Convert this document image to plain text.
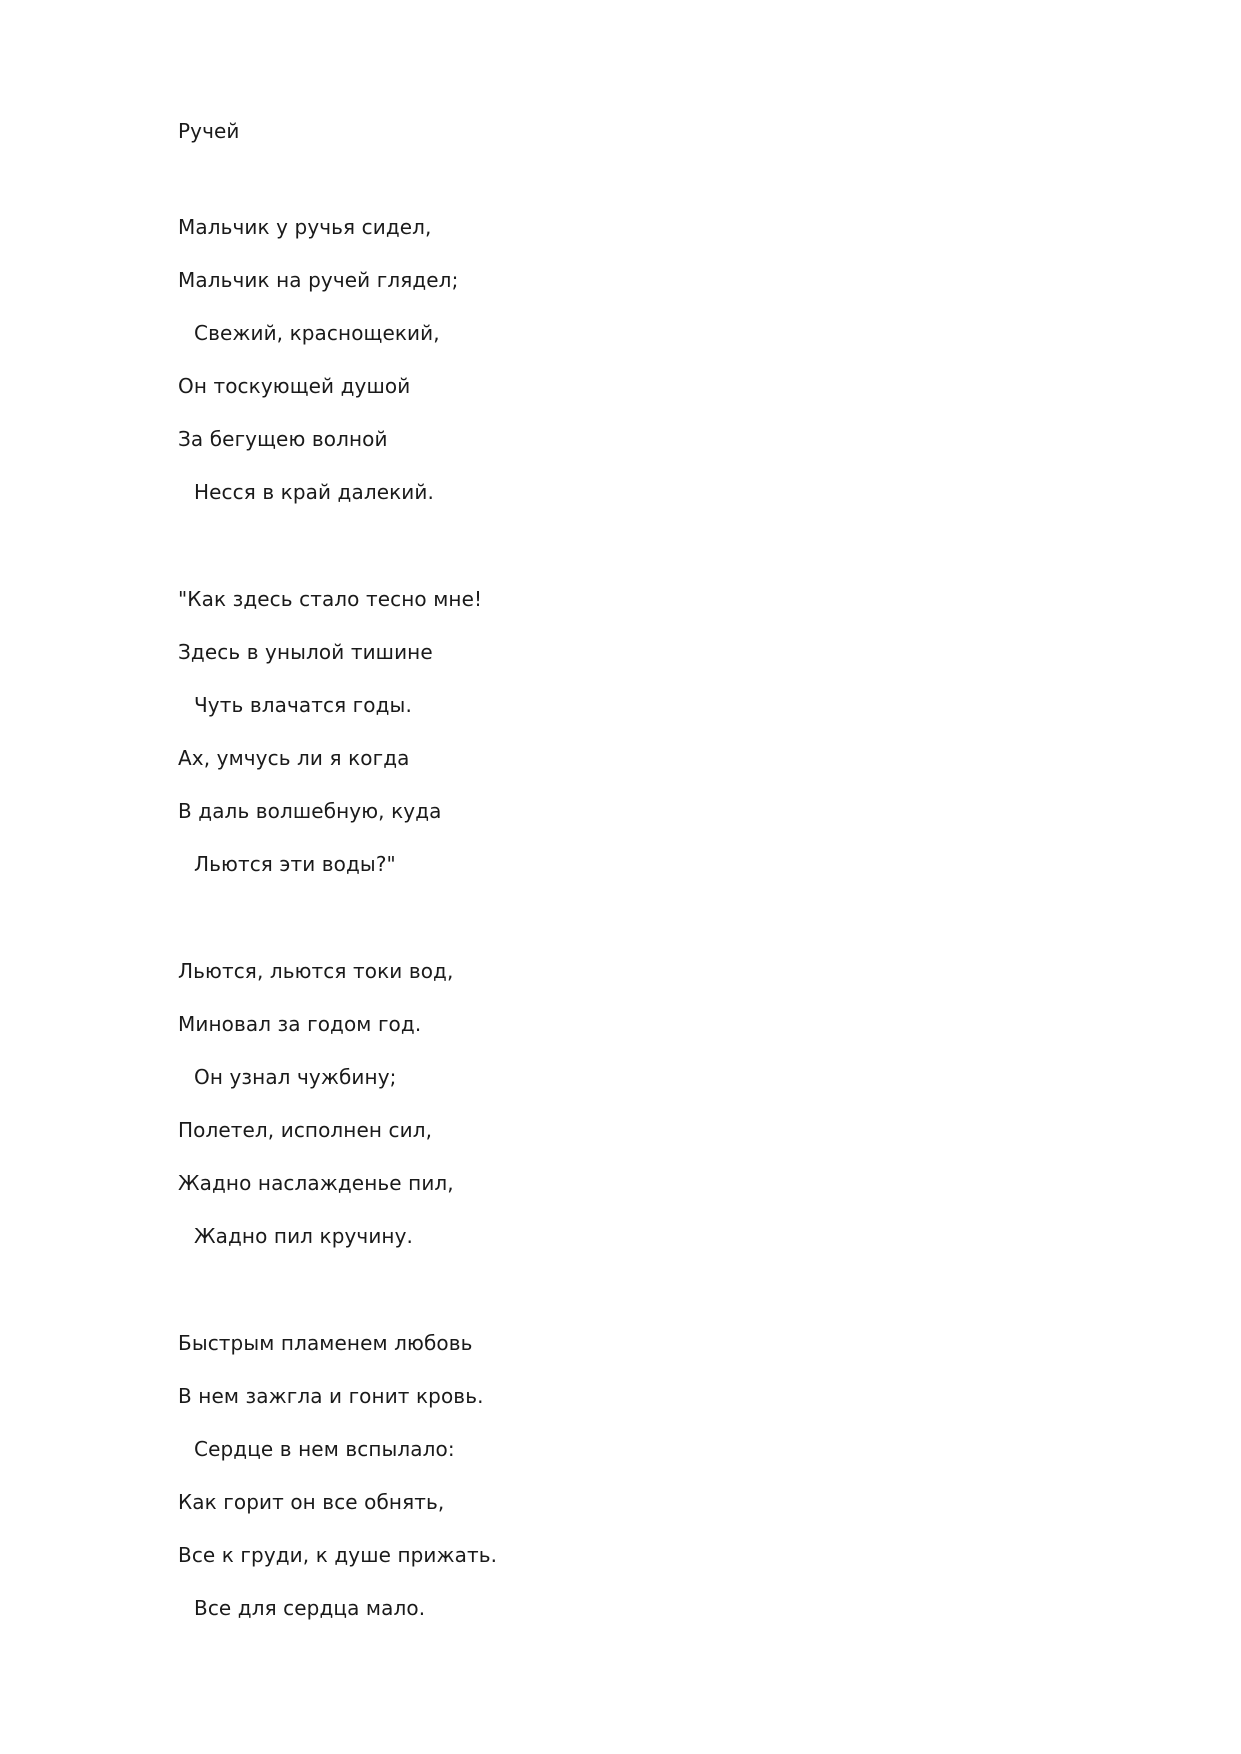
Ручей
Мальчик у ручья сидел,
Мальчик на ручей глядел;
Свежий, краснощекий,
Он тоскующей душой
За бегущею волной
Несся в край далекий.
"Как здесь стало тесно мне!
Здесь в унылой тишине
Чуть влачатся годы.
Ах, умчусь ли я когда
В даль волшебную, куда
Льются эти воды?"
Льются, льются токи вод,
Миновал за годом год.
Он узнал чужбину;
Полетел, исполнен сил,
Жадно наслажденье пил,
Жадно пил кручину.
Быстрым пламенем любовь
В нем зажгла и гонит кровь.
Сердце в нем вспылало:
Как горит он все обнять,
Все к груди, к душе прижать.
Все для сердца мало.
